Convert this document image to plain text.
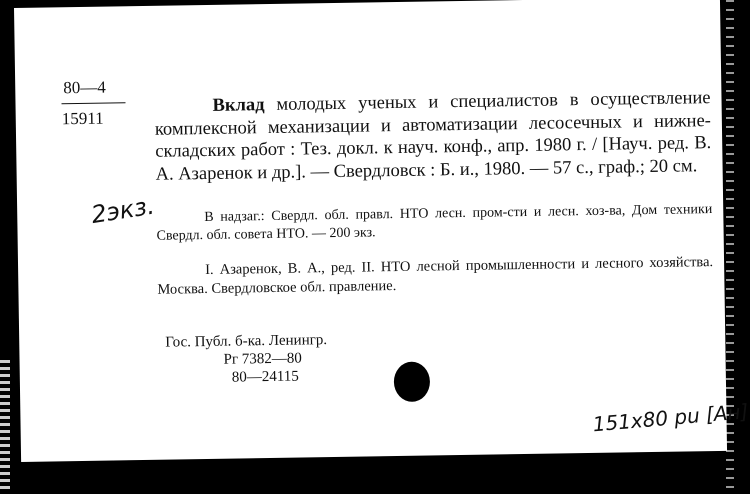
80—4
15911
Вклад молодых ученых и специалистов в осуществление комплексной механизации и автоматизации лесосечных и нижне-складских работ : Тез. докл. к науч. конф., апр. 1980 г. / [Науч. ред. В. А. Азаренок и др.]. — Свердловск : Б. и., 1980. — 57 с., граф.; 20 см.
В надзаг.: Свердл. обл. правл. НТО лесн. пром-сти и лесн. хоз-ва, Дом техники Свердл. обл. совета НТО. — 200 экз.
I. Азаренок, В. А., ред. II. НТО лесной промышленности и лесного хозяйства. Москва. Свердловское обл. правление.
Гос. Публ. б-ка. Ленингр.
Рг 7382—80
80—24115
2экз.
151x80 pu [Ан]
